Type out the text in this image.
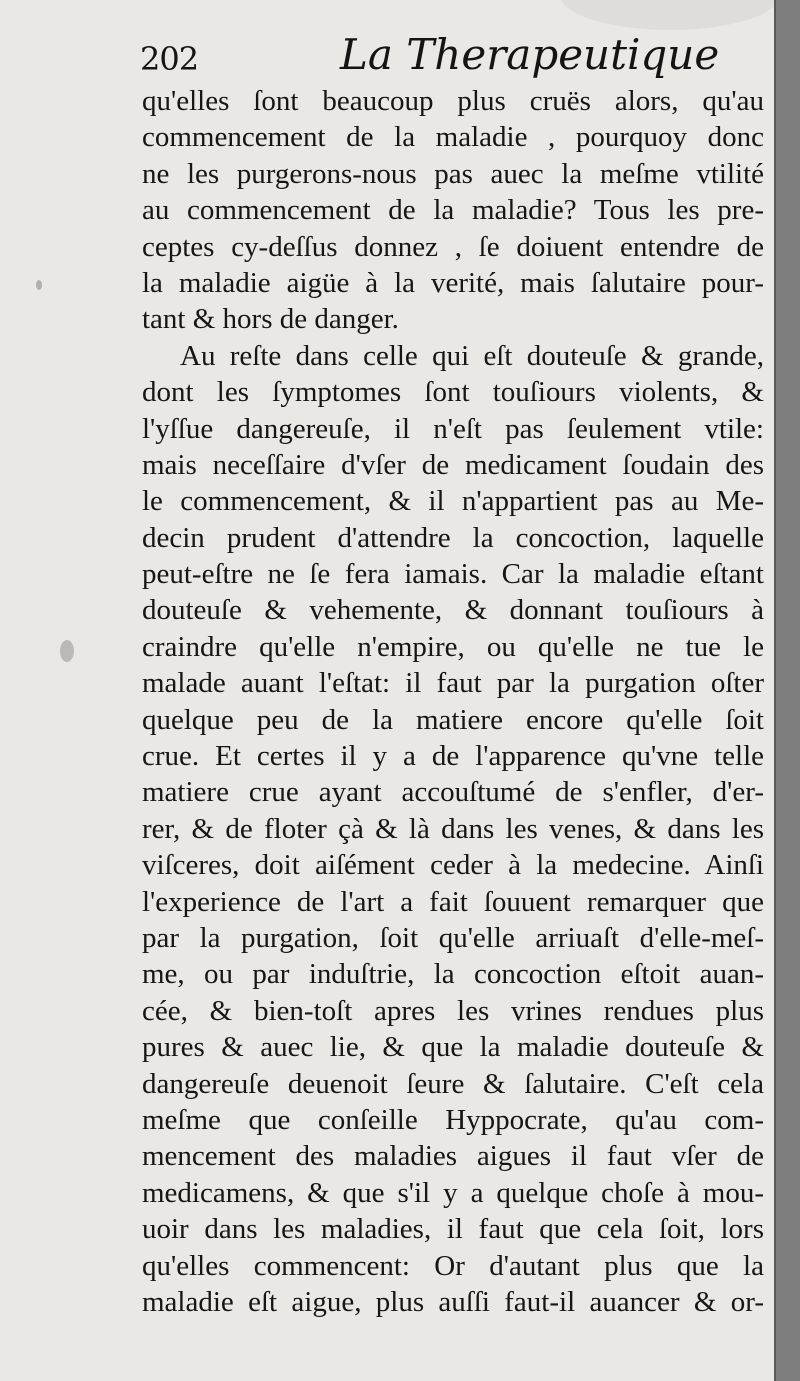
202	La Therapeutique
qu'elles ſont beaucoup plus cruës alors, qu'au
commencement de la maladie , pourquoy donc
ne les purgerons-nous pas auec la meſme vtilité
au commencement de la maladie? Tous les pre-
ceptes cy-deſſus donnez , ſe doiuent entendre de
la maladie aigüe à la verité, mais ſalutaire pour-
tant & hors de danger.
Au reſte dans celle qui eſt douteuſe & grande,
dont les ſymptomes ſont touſiours violents, &
l'yſſue dangereuſe, il n'eſt pas ſeulement vtile:
mais neceſſaire d'vſer de medicament ſoudain des
le commencement, & il n'appartient pas au Me-
decin prudent d'attendre la concoction, laquelle
peut-eſtre ne ſe fera iamais. Car la maladie eſtant
douteuſe & vehemente, & donnant touſiours à
craindre qu'elle n'empire, ou qu'elle ne tue le
malade auant l'eſtat: il faut par la purgation oſter
quelque peu de la matiere encore qu'elle ſoit
crue. Et certes il y a de l'apparence qu'vne telle
matiere crue ayant accouſtumé de s'enfler, d'er-
rer, & de floter çà & là dans les venes, & dans les
viſceres, doit aiſément ceder à la medecine. Ainſi
l'experience de l'art a fait ſouuent remarquer que
par la purgation, ſoit qu'elle arriuaſt d'elle-meſ-
me, ou par induſtrie, la concoction eſtoit auan-
cée, & bien-toſt apres les vrines rendues plus
pures & auec lie, & que la maladie douteuſe &
dangereuſe deuenoit ſeure & ſalutaire. C'eſt cela
meſme que conſeille Hyppocrate, qu'au com-
mencement des maladies aigues il faut vſer de
medicamens, & que s'il y a quelque choſe à mou-
uoir dans les maladies, il faut que cela ſoit, lors
qu'elles commencent: Or d'autant plus que la
maladie eſt aigue, plus auſſi faut-il auancer & or-
